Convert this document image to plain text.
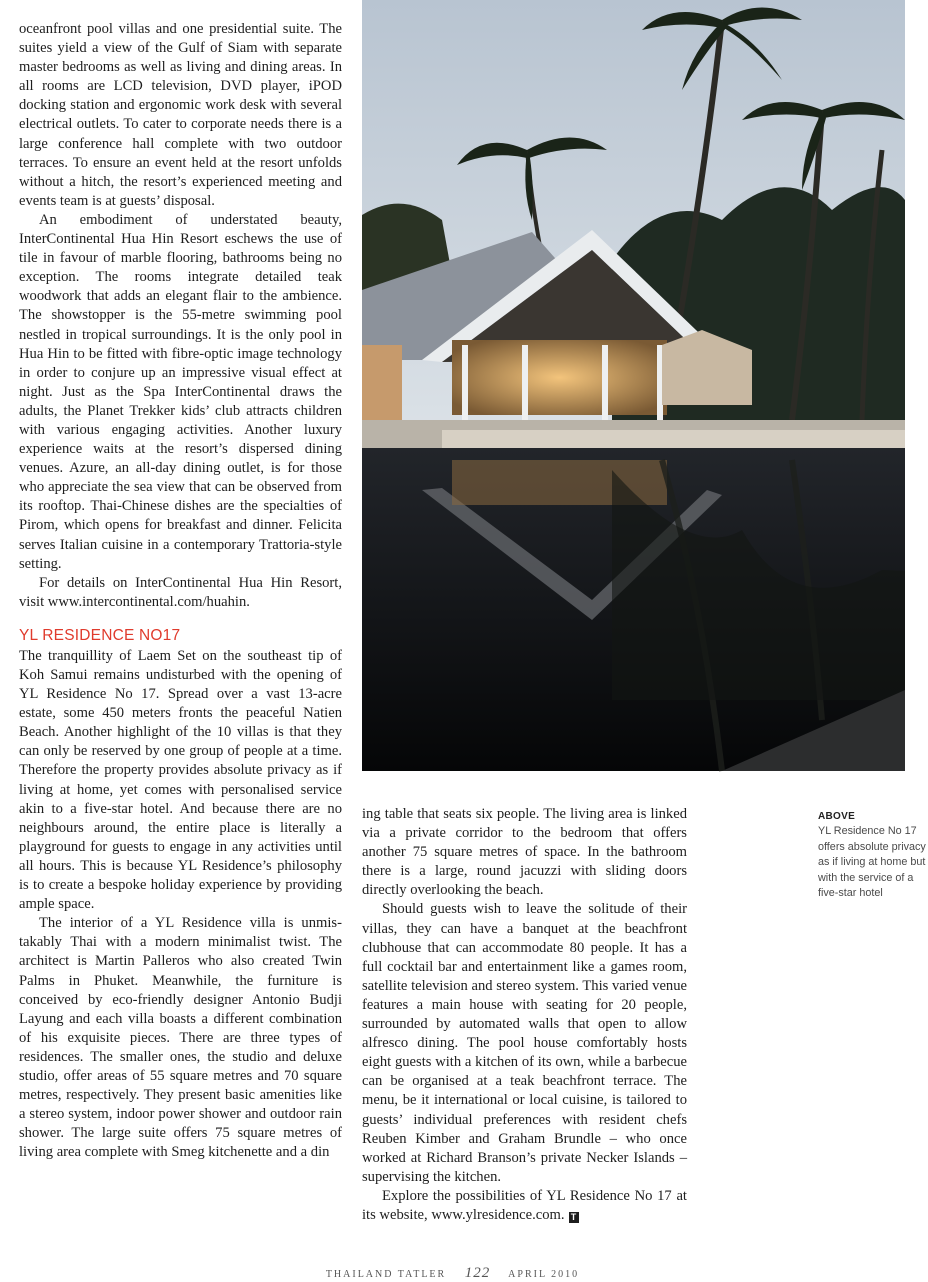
oceanfront pool villas and one presidential suite. The suites yield a view of the Gulf of Siam with separate master bedrooms as well as living and dining areas. In all rooms are LCD television, DVD player, iPOD docking station and ergonomic work desk with several electrical outlets. To cater to corporate needs there is a large conference hall complete with two outdoor terraces. To ensure an event held at the resort unfolds without a hitch, the resort’s experienced meeting and events team is at guests’ disposal.

An embodiment of understated beauty, InterContinental Hua Hin Resort eschews the use of tile in favour of marble flooring, bathrooms being no exception. The rooms integrate detailed teak woodwork that adds an elegant flair to the ambience. The showstopper is the 55-metre swimming pool nestled in tropical surroundings. It is the only pool in Hua Hin to be fitted with fibre-optic image technology in order to conjure up an impressive visual effect at night. Just as the Spa InterContinental draws the adults, the Planet Trekker kids’ club attracts children with various engaging activities. Another luxury experience waits at the resort’s dispersed dining venues. Azure, an all-day dining outlet, is for those who appreciate the sea view that can be observed from its rooftop. Thai-Chinese dishes are the specialties of Pirom, which opens for breakfast and dinner. Felicita serves Italian cuisine in a contemporary Trattoria-style setting.

For details on InterContinental Hua Hin Resort, visit www.intercontinental.com/huahin.

YL RESIDENCE NO17

The tranquillity of Laem Set on the southeast tip of Koh Samui remains undisturbed with the opening of YL Residence No 17. Spread over a vast 13-acre estate, some 450 meters fronts the peaceful Natien Beach. Another highlight of the 10 villas is that they can only be reserved by one group of people at a time. Therefore the property provides absolute privacy as if living at home, yet comes with personalised service akin to a five-star hotel. And because there are no neighbours around, the entire place is literally a playground for guests to engage in any activities until all hours. This is because YL Residence’s philosophy is to create a bespoke holiday experience by providing ample space.

The interior of a YL Residence villa is unmistakably Thai with a modern minimalist twist. The architect is Martin Palleros who also created Twin Palms in Phuket. Meanwhile, the furniture is conceived by eco-friendly designer Antonio Budji Layung and each villa boasts a different combination of his exquisite pieces. There are three types of residences. The smaller ones, the studio and deluxe studio, offer areas of 55 square metres and 70 square metres, respectively. They present basic amenities like a stereo system, indoor power shower and outdoor rain shower. The large suite offers 75 square metres of living area complete with Smeg kitchenette and a din

ing table that seats six people. The living area is linked via a private corridor to the bedroom that offers another 75 square metres of space. In the bathroom there is a large, round jacuzzi with sliding doors directly overlooking the beach.

Should guests wish to leave the solitude of their villas, they can have a banquet at the beachfront clubhouse that can accommodate 80 people. It has a full cocktail bar and entertainment like a games room, satellite television and stereo system. This varied venue features a main house with seating for 20 people, surrounded by automated walls that open to allow alfresco dining. The pool house comfortably hosts eight guests with a kitchen of its own, while a barbecue can be organised at a teak beachfront terrace. The menu, be it international or local cuisine, is tailored to guests’ individual preferences with resident chefs Reuben Kimber and Graham Brundle – who once worked at Richard Branson’s private Necker Islands – supervising the kitchen.

Explore the possibilities of YL Residence No 17 at its website, www.ylresidence.com. T

ABOVE
YL Residence No 17 offers absolute privacy as if living at home but with the service of a five-star hotel
THAILAND TATLER 122 APRIL 2010
